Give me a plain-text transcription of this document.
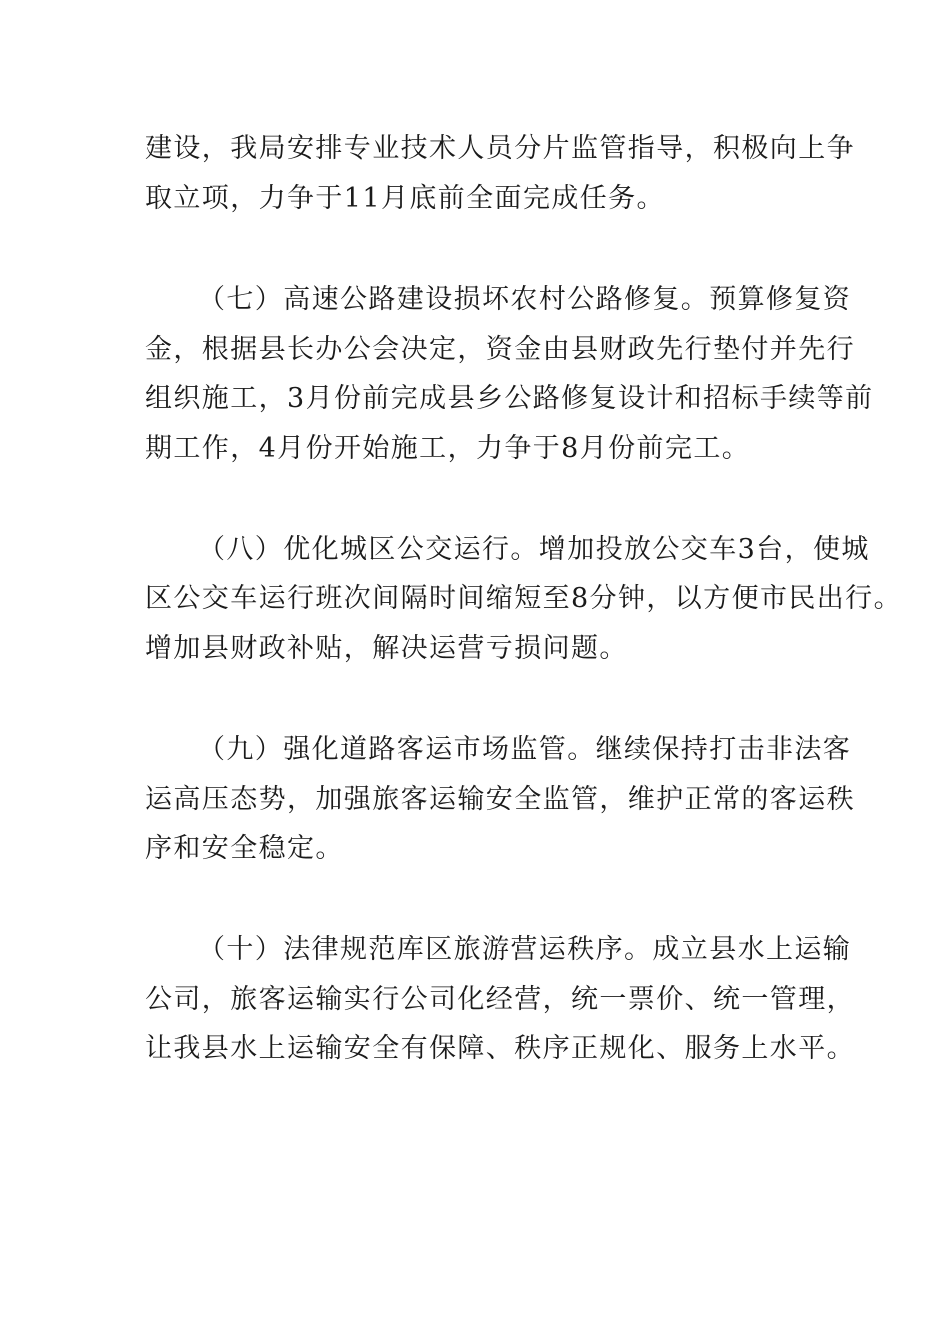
建设，我局安排专业技术人员分片监管指导，积极向上争
取立项，力争于11月底前全面完成任务。
（七）高速公路建设损坏农村公路修复。预算修复资
金，根据县长办公会决定，资金由县财政先行垫付并先行
组织施工，3月份前完成县乡公路修复设计和招标手续等前
期工作，4月份开始施工，力争于8月份前完工。
（八）优化城区公交运行。增加投放公交车3台，使城
区公交车运行班次间隔时间缩短至8分钟，以方便市民出行。
增加县财政补贴，解决运营亏损问题。
（九）强化道路客运市场监管。继续保持打击非法客
运高压态势，加强旅客运输安全监管，维护正常的客运秩
序和安全稳定。
（十）法律规范库区旅游营运秩序。成立县水上运输
公司，旅客运输实行公司化经营，统一票价、统一管理，
让我县水上运输安全有保障、秩序正规化、服务上水平。
